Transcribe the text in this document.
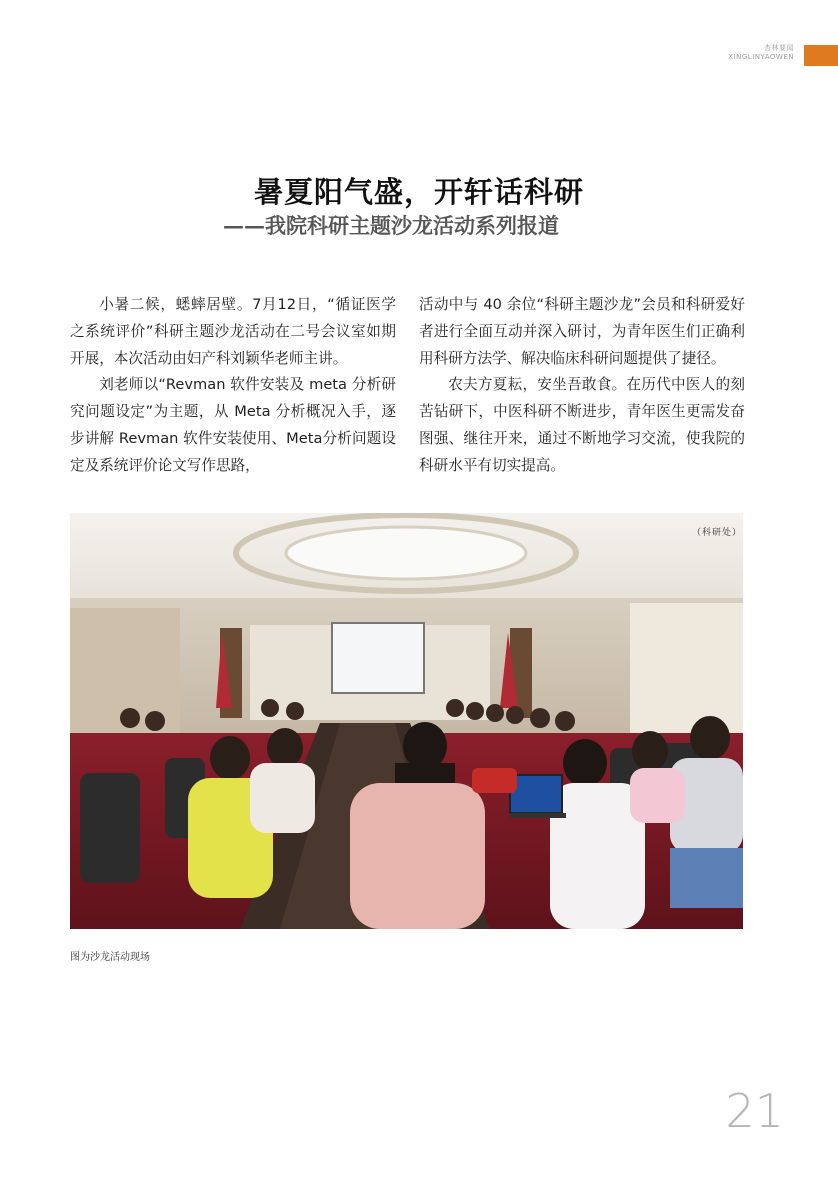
杏林要闻
XINGLINYAOWEN
暑夏阳气盛，开轩话科研
——我院科研主题沙龙活动系列报道

小暑二候，蟋蟀居壁。7月12日，“循证医学之系统评价”科研主题沙龙活动在二号会议室如期开展，本次活动由妇产科刘颖华老师主讲。

刘老师以“Revman 软件安装及 meta 分析研究问题设定”为主题，从 Meta 分析概况入手，逐步讲解 Revman 软件安装使用、Meta分析问题设定及系统评价论文写作思路，

活动中与 40 余位“科研主题沙龙”会员和科研爱好者进行全面互动并深入研讨，为青年医生们正确利用科研方法学、解决临床科研问题提供了捷径。

农夫方夏耘，安坐吾敢食。在历代中医人的刻苦钻研下，中医科研不断进步，青年医生更需发奋图强、继往开来，通过不断地学习交流，使我院的科研水平有切实提高。

（科研处）
图为沙龙活动现场
21
